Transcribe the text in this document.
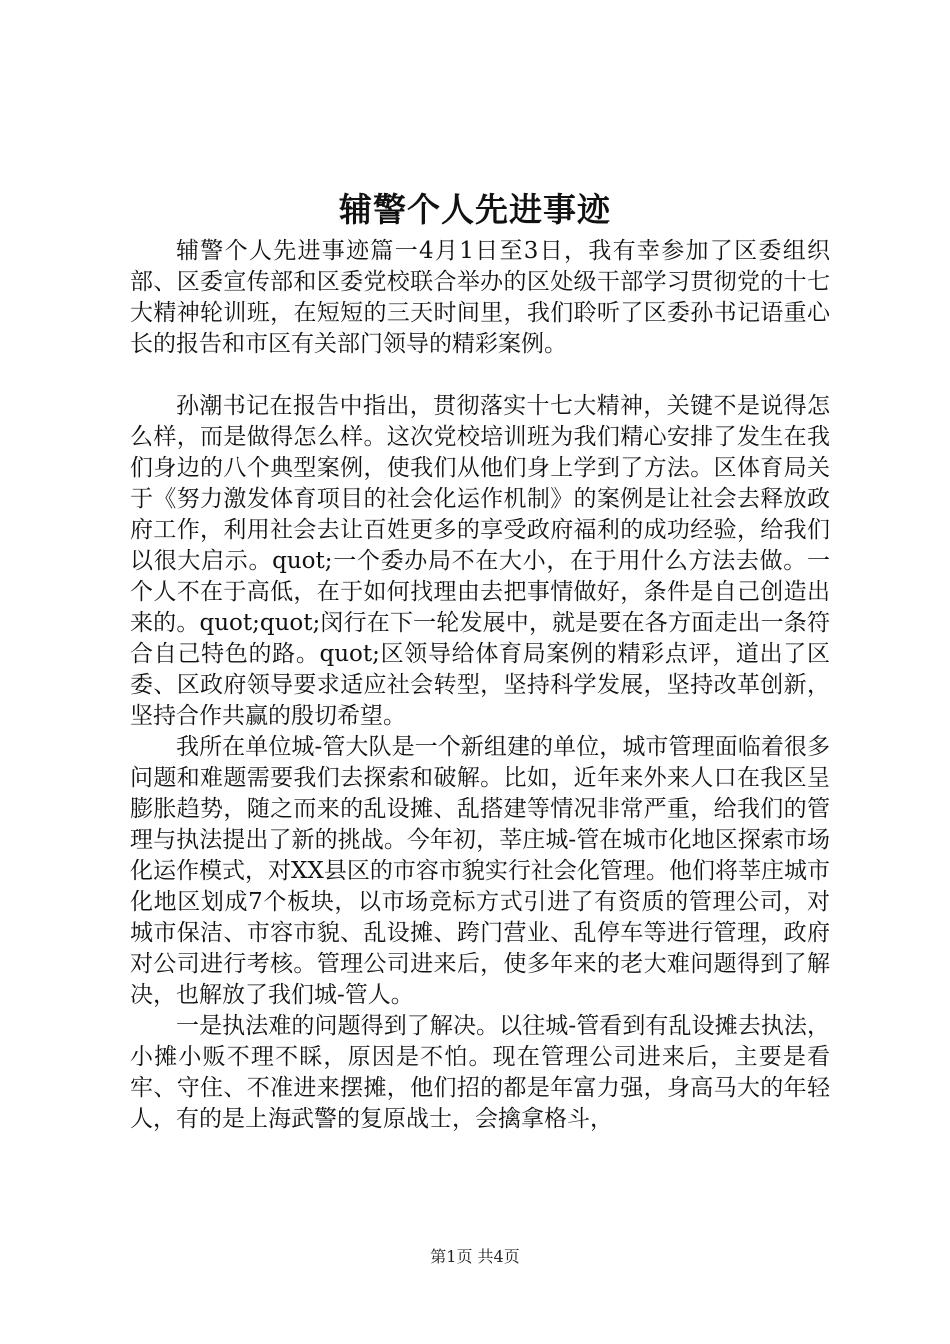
辅警个人先进事迹

辅警个人先进事迹篇一4月1日至3日，我有幸参加了区委组织部、区委宣传部和区委党校联合举办的区处级干部学习贯彻党的十七大精神轮训班，在短短的三天时间里，我们聆听了区委孙书记语重心长的报告和市区有关部门领导的精彩案例。

孙潮书记在报告中指出，贯彻落实十七大精神，关键不是说得怎么样，而是做得怎么样。这次党校培训班为我们精心安排了发生在我们身边的八个典型案例，使我们从他们身上学到了方法。区体育局关于《努力激发体育项目的社会化运作机制》的案例是让社会去释放政府工作，利用社会去让百姓更多的享受政府福利的成功经验，给我们以很大启示。quot;一个委办局不在大小，在于用什么方法去做。一个人不在于高低，在于如何找理由去把事情做好，条件是自己创造出来的。quot;quot;闵行在下一轮发展中，就是要在各方面走出一条符合自己特色的路。quot;区领导给体育局案例的精彩点评，道出了区委、区政府领导要求适应社会转型，坚持科学发展，坚持改革创新，坚持合作共赢的殷切希望。

我所在单位城-管大队是一个新组建的单位，城市管理面临着很多问题和难题需要我们去探索和破解。比如，近年来外来人口在我区呈膨胀趋势，随之而来的乱设摊、乱搭建等情况非常严重，给我们的管理与执法提出了新的挑战。今年初，莘庄城-管在城市化地区探索市场化运作模式，对XX县区的市容市貌实行社会化管理。他们将莘庄城市化地区划成7个板块，以市场竞标方式引进了有资质的管理公司，对城市保洁、市容市貌、乱设摊、跨门营业、乱停车等进行管理，政府对公司进行考核。管理公司进来后，使多年来的老大难问题得到了解决，也解放了我们城-管人。

一是执法难的问题得到了解决。以往城-管看到有乱设摊去执法，小摊小贩不理不睬，原因是不怕。现在管理公司进来后，主要是看牢、守住、不准进来摆摊，他们招的都是年富力强，身高马大的年轻人，有的是上海武警的复原战士，会擒拿格斗，

第1页 共4页
